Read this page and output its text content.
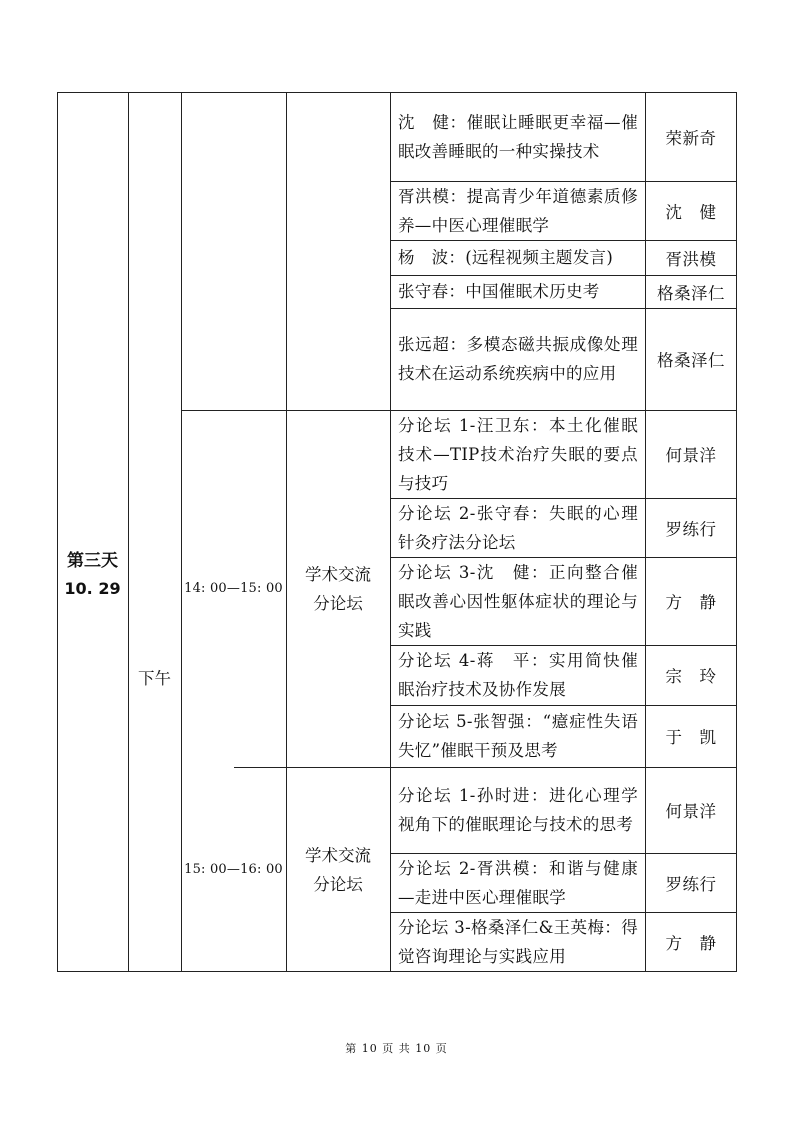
第三天
10. 29
下午
14: 00—15: 00
学术交流
分论坛
15: 00—16: 00
学术交流
分论坛
沈　健：催眠让睡眠更幸福—催眠改善睡眠的一种实操技术
荣新奇
胥洪模：提高青少年道德素质修养—中医心理催眠学
沈　健
杨　波：(远程视频主题发言)	胥洪模
张守春：中国催眠术历史考	格桑泽仁
张远超：多模态磁共振成像处理技术在运动系统疾病中的应用
格桑泽仁
分论坛 1-汪卫东：本土化催眠技术—TIP技术治疗失眠的要点与技巧
何景洋
分论坛 2-张守春：失眠的心理针灸疗法分论坛
罗练行
分论坛 3-沈　健：正向整合催眠改善心因性躯体症状的理论与实践
方　静
分论坛 4-蒋　平：实用简快催眠治疗技术及协作发展
宗　玲
分论坛 5-张智强：“癔症性失语失忆”催眠干预及思考
于　凯
分论坛 1-孙时进：进化心理学视角下的催眠理论与技术的思考
何景洋
分论坛 2-胥洪模：和谐与健康—走进中医心理催眠学
罗练行
分论坛 3-格桑泽仁&王英梅：得觉咨询理论与实践应用
方　静
第 10 页 共 10 页
